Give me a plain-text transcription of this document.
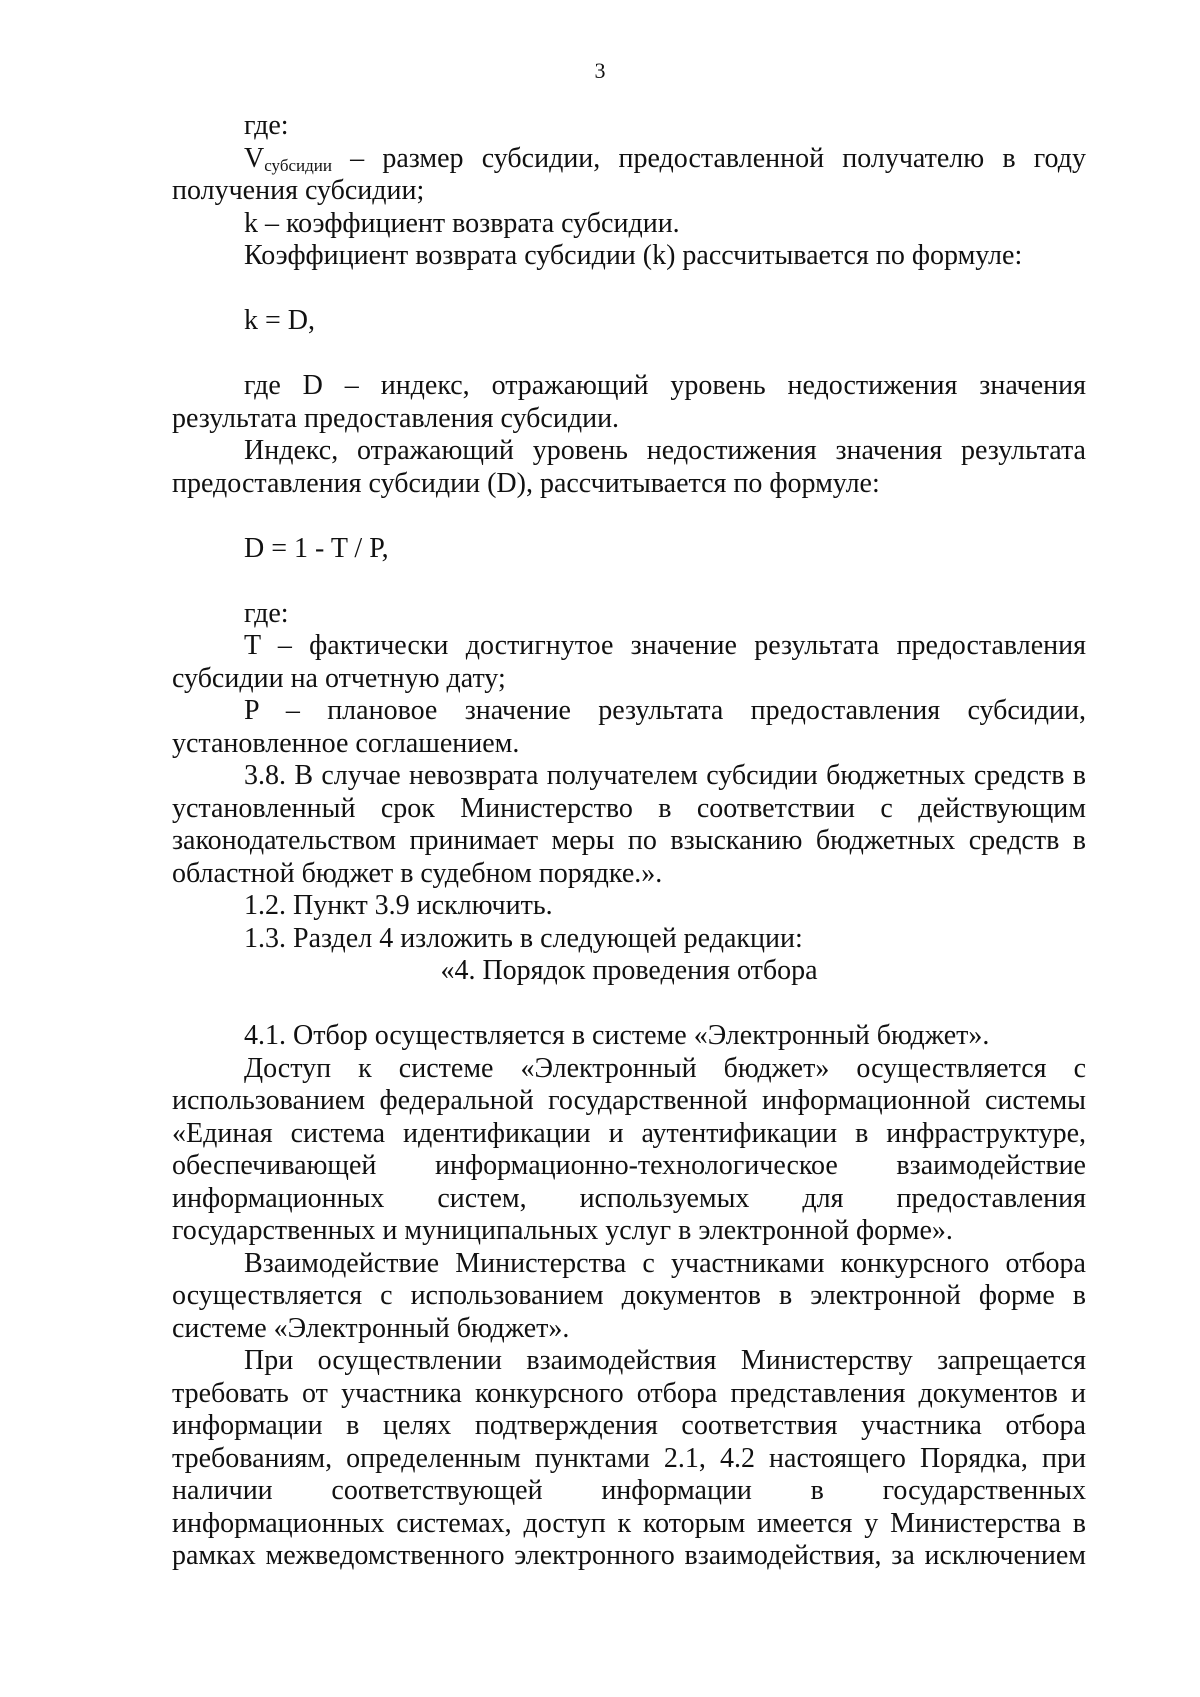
3

где:

$V_{субсидии}$ – размер субсидии, предоставленной получателю в году получения субсидии;

k – коэффициент возврата субсидии.

Коэффициент возврата субсидии (k) рассчитывается по формуле:

k = D,

где D – индекс, отражающий уровень недостижения значения результата предоставления субсидии.

Индекс, отражающий уровень недостижения значения результата предоставления субсидии (D), рассчитывается по формуле:

D = 1 - T / P,

где:

T – фактически достигнутое значение результата предоставления субсидии на отчетную дату;

P – плановое значение результата предоставления субсидии, установленное соглашением.

3.8. В случае невозврата получателем субсидии бюджетных средств в установленный срок Министерство в соответствии с действующим законодательством принимает меры по взысканию бюджетных средств в областной бюджет в судебном порядке.».

1.2. Пункт 3.9 исключить.

1.3. Раздел 4 изложить в следующей редакции:

«4. Порядок проведения отбора

4.1. Отбор осуществляется в системе «Электронный бюджет».

Доступ к системе «Электронный бюджет» осуществляется с использованием федеральной государственной информационной системы «Единая система идентификации и аутентификации в инфраструктуре, обеспечивающей информационно-технологическое взаимодействие информационных систем, используемых для предоставления государственных и муниципальных услуг в электронной форме».

Взаимодействие Министерства с участниками конкурсного отбора осуществляется с использованием документов в электронной форме в системе «Электронный бюджет».

При осуществлении взаимодействия Министерству запрещается требовать от участника конкурсного отбора представления документов и информации в целях подтверждения соответствия участника отбора требованиям, определенным пунктами 2.1, 4.2 настоящего Порядка, при наличии соответствующей информации в государственных информационных системах, доступ к которым имеется у Министерства в рамках межведомственного электронного взаимодействия, за исключением
